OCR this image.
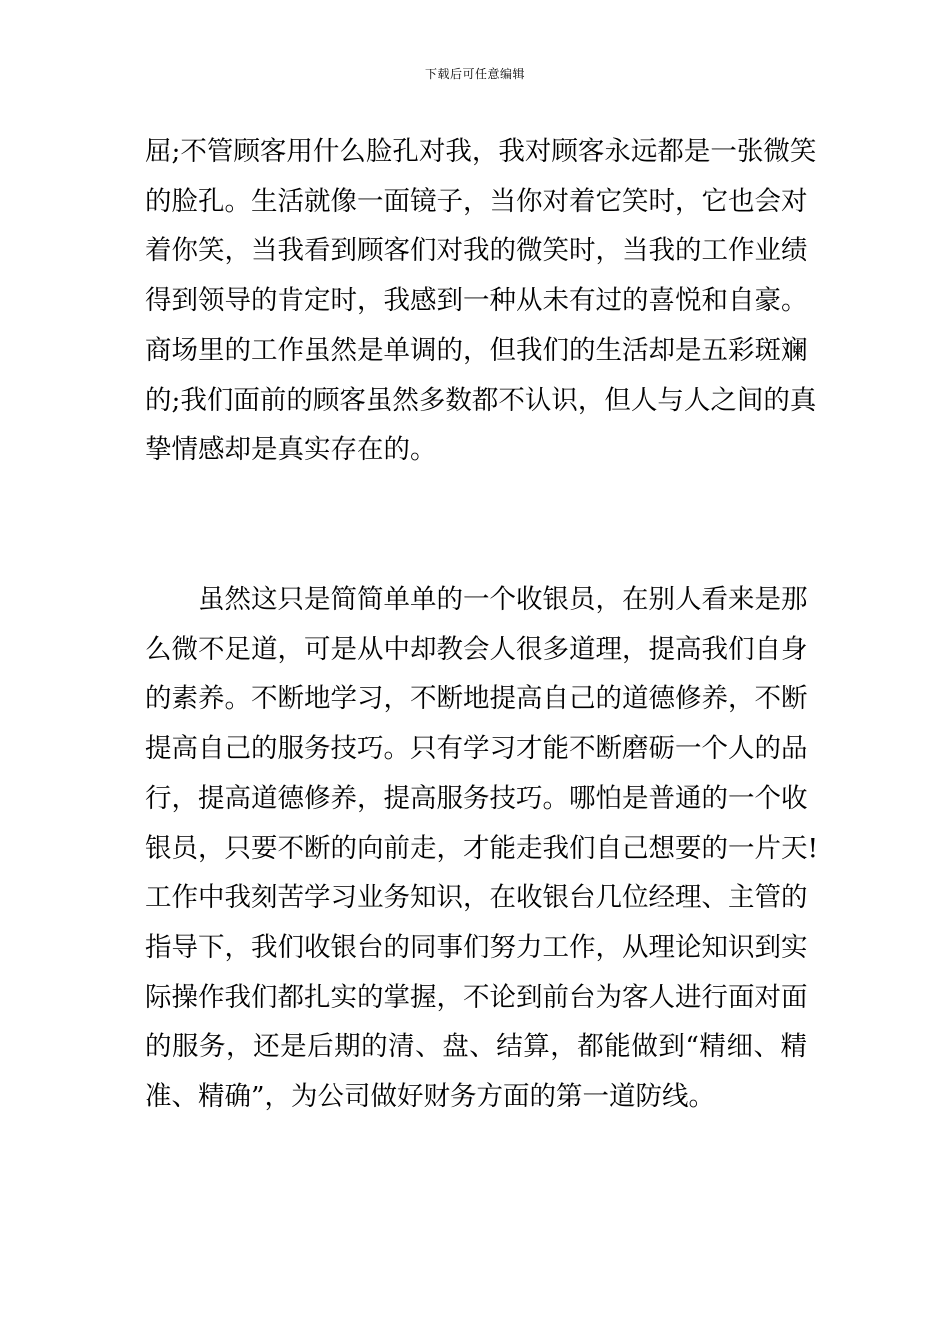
下载后可任意编辑
屈;不管顾客用什么脸孔对我，我对顾客永远都是一张微笑
的脸孔。生活就像一面镜子，当你对着它笑时，它也会对
着你笑，当我看到顾客们对我的微笑时，当我的工作业绩
得到领导的肯定时，我感到一种从未有过的喜悦和自豪。
商场里的工作虽然是单调的，但我们的生活却是五彩斑斓
的;我们面前的顾客虽然多数都不认识，但人与人之间的真
挚情感却是真实存在的。
虽然这只是简简单单的一个收银员，在别人看来是那
么微不足道，可是从中却教会人很多道理，提高我们自身
的素养。不断地学习，不断地提高自己的道德修养，不断
提高自己的服务技巧。只有学习才能不断磨砺一个人的品
行，提高道德修养，提高服务技巧。哪怕是普通的一个收
银员，只要不断的向前走，才能走我们自己想要的一片天!
工作中我刻苦学习业务知识，在收银台几位经理、主管的
指导下，我们收银台的同事们努力工作，从理论知识到实
际操作我们都扎实的掌握，不论到前台为客人进行面对面
的服务，还是后期的清、盘、结算，都能做到“精细、精
准、精确”，为公司做好财务方面的第一道防线。
